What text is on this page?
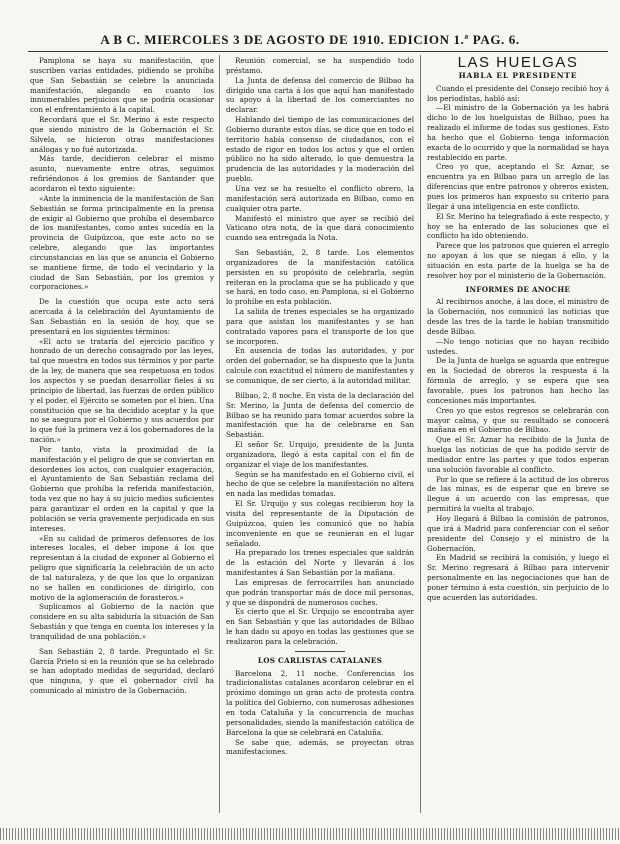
A B C. MIERCOLES 3 DE AGOSTO DE 1910. EDICION 1.ª PAG. 6.

Pamplona se haya su manifestación, que suscriben varias entidades, pidiendo se prohíba que San Sebastián se celebre la anunciada manifestación, alegando en cuanto los innumerables perjuicios que se podría ocasionar con el enfrentamiento á la capital.

Recordará que el Sr. Merino á este respecto que siendo ministro de la Gobernación el Sr. Silvela, se hicieron otras manifestaciones análogas y no fué autorizada.

Más tarde, decidieron celebrar el mismo asunto, nuevamente entre otras, seguimos refiriéndonos á los gremios de Santander que acordaron el texto siguiente:

«Ante la inminencia de la manifestación de San Sebastián se forma principalmente en la prensa de exigir al Gobierno que prohíba el desembarco de los manifestantes, como antes sucedía en la provincia de Guipúzcoa, que este acto no se celebre, alegando que las importantes circunstancias en las que se anuncia el Gobierno se mantiene firme, de todo el vecindario y la ciudad de San Sebastián, por los gremios y corporaciones.»

De la cuestión que ocupa este acto será acercada á la celebración del Ayuntamiento de San Sebastián en la sesión de hoy, que se presentará en los siguientes términos:

«El acto se trataría del ejercicio pacífico y honrado de un derecho consagrado por las leyes, tal que muestra en todos sus términos y por parte de la ley, de manera que sea respetuosa en todos los aspectos y se puedan desarrollar fieles á su principio de libertad, las fuerzas de orden público y el poder, el Ejército se someten por el bien. Una constitución que se ha decidido aceptar y la que no se asegura por el Gobierno y sus acuerdos por lo que fué la primera vez á los gobernadores de la nación.»

Por tanto, vista la proximidad de la manifestación y el peligro de que se conviertan en desordenes los actos, con cualquier exageración, el Ayuntamiento de San Sebastián reclama del Gobierno que prohíba la referida manifestación, toda vez que no hay á su juicio medios suficientes para garantizar el orden en la capital y que la población se vería gravemente perjudicada en sus intereses.

«En su calidad de primeros defensores de los intereses locales, el deber impone á los que representan á la ciudad de exponer al Gobierno el peligro que significaría la celebración de un acto de tal naturaleza, y de que los que lo organizan no se hallen en condiciones de dirigirlo, con motivo de la aglomeración de forasteros.»

Suplicamos al Gobierno de la nación que considere en su alta sabiduría la situación de San Sebastián y que tenga en cuenta los intereses y la tranquilidad de una población.»

San Sebastián 2, 8 tarde. Preguntado el Sr. García Prieto si en la reunión que se ha celebrado se han adoptado medidas de seguridad, declaró que ninguna, y que el gobernador civil ha comunicado al ministro de la Gobernación.

Reunión comercial, se ha suspendido todo préstamo.

La Junta de defensa del comercio de Bilbao ha dirigido una carta á los que aquí han manifestado su apoyo á la libertad de los comerciantes no declarar.

Hablando del tiempo de las comunicaciones del Gobierno durante estos días, se dice que en todo el territorio había consenso de ciudadanos, con el estado de rigor en todos los actos y que el orden público no ha sido alterado, lo que demuestra la prudencia de las autoridades y la moderación del pueblo.

Una vez se ha resuelto el conflicto obrero, la manifestación será autorizada en Bilbao, como en cualquier otra parte.

Manifestó el ministro que ayer se recibió del Vaticano otra nota, de la que dará conocimiento cuando sea entregada la Nota.

San Sebastián, 2, 8 tarde. Los elementos organizadores de la manifestación católica persisten en su propósito de celebrarla, según reiteran en la proclama que se ha publicado y que se hará, en todo caso, en Pamplona, si el Gobierno lo prohíbe en esta población.

La salida de trenes especiales se ha organizado para que asistan los manifestantes y se han contratado vapores para el transporte de los que se incorporen.

En ausencia de todas las autoridades, y por orden del gobernador, se ha dispuesto que la Junta calcule con exactitud el número de manifestantes y se comunique, de ser cierto, á la autoridad militar.

Bilbao, 2, 8 noche. En vista de la declaración del Sr. Merino, la Junta de defensa del comercio de Bilbao se ha reunido para tomar acuerdos sobre la manifestación que ha de celebrarse en San Sebastián.

El señor Sr. Urquijo, presidente de la Junta organizadora, llegó á esta capital con el fin de organizar el viaje de los manifestantes.

Según se ha manifestado en el Gobierno civil, el hecho de que se celebre la manifestación no altera en nada las medidas tomadas.

El Sr. Urquijo y sus colegas recibieron hoy la visita del representante de la Diputación de Guipúzcoa, quien les comunicó que no había inconveniente en que se reunieran en el lugar señalado.

Ha preparado los trenes especiales que saldrán de la estación del Norte y llevarán á los manifestantes á San Sebastián por la mañana.

Las empresas de ferrocarriles han anunciado que podrán transportar más de doce mil personas, y que se dispondrá de numerosos coches.

Es cierto que el Sr. Urquijo se encontraba ayer en San Sebastián y que las autoridades de Bilbao le han dado su apoyo en todas las gestiones que se realizaron para la celebración.

LOS CARLISTAS CATALANES

Barcelona 2, 11 noche. Conferencias los tradicionalistas catalanes acordaron celebrar en el próximo domingo un gran acto de protesta contra la política del Gobierno, con numerosas adhesiones en toda Cataluña y la concurrencia de muchas personalidades, siendo la manifestación católica de Barcelona la que se celebrará en Cataluña.

Se sabe que, además, se proyectan otras manifestaciones.

LAS HUELGAS
HABLA EL PRESIDENTE

Cuando el presidente del Consejo recibió hoy á los periodistas, habló así:

—El ministro de la Gobernación ya les habrá dicho lo de los huelguistas de Bilbao, pues ha realizado el informe de todas sus gestiones. Esto ha hecho que el Gobierno tenga información exacta de lo ocurrido y que la normalidad se haya restablecido en parte.

Creo yo que, aceptando el Sr. Aznar, se encuentra ya en Bilbao para un arreglo de las diferencias que entre patronos y obreros existen, pues los primeros han expuesto su criterio para llegar á una inteligencia en este conflicto.

El Sr. Merino ha telegrafiado á este respecto, y hoy se ha enterado de las soluciones que el conflicto ha ido obteniendo.

Parece que los patronos que quieren el arreglo no apoyan á los que se niegan á ello, y la situación en esta parte de la huelga se ha de resolver hoy por el ministerio de la Gobernación.

INFORMES DE ANOCHE

Al recibirnos anoche, á las doce, el ministro de la Gobernación, nos comunicó las noticias que desde las tres de la tarde le habían transmitido desde Bilbao.

—No tengo noticias que no hayan recibido ustedes.

De la Junta de huelga se aguarda que entregue en la Sociedad de obreros la respuesta á la fórmula de arreglo, y se espera que sea favorable, pues los patronos han hecho las concesiones más importantes.

Creo yo que estos regresos se celebrarán con mayor calma, y que su resultado se conocerá mañana en el Gobierno de Bilbao.

Que el Sr. Aznar ha recibido de la Junta de huelga las noticias de que ha podido servir de mediador entre las partes y que todos esperan una solución favorable al conflicto.

Por lo que se refiere á la actitud de los obreros de las minas, es de esperar que en breve se llegue á un acuerdo con las empresas, que permitirá la vuelta al trabajo.

Hoy llegará á Bilbao la comisión de patronos, que irá á Madrid para conferenciar con el señor presidente del Consejo y el ministro de la Gobernación.

En Madrid se recibirá la comisión, y luego el Sr. Merino regresará á Bilbao para intervenir personalmente en las negociaciones que han de poner término á esta cuestión, sin perjuicio de lo que acuerden las autoridades.
